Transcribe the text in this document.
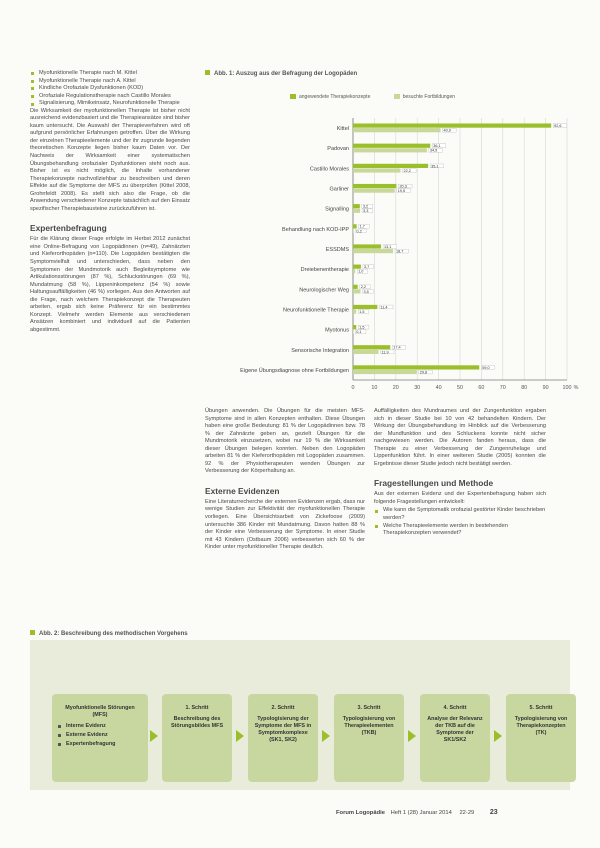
Myofunktionelle Therapie nach M. Kittel
Myofunktionelle Therapie nach A. Kittel
Kindliche Orofaziale Dysfunktionen (KOD)
Orofaziale Regulationstherapie nach Castillo Morales
Signalisierung, Mimikeinsatz, Neurofunktionelle Therapie

Die Wirksamkeit der myofunktionellen Therapie ist bisher nicht ausreichend evidenzbasiert und die Therapieansätze sind bisher kaum untersucht. Die Auswahl der Therapieverfahren wird oft aufgrund persönlicher Erfahrungen getroffen. Über die Wirkung der einzelnen Therapieelemente und der ihr zugrunde liegenden theoretischen Konzepte liegen bisher kaum Daten vor. Der Nachweis der Wirksamkeit einer systematischen Übungsbehandlung orofazialer Dysfunktionen steht noch aus. Bisher ist es nicht möglich, die Inhalte vorhandener Therapiekonzepte nachvollziehbar zu beschreiben und deren Effekte auf die Symptome der MFS zu überprüfen (Kittel 2008, Grohnfeldt 2008). Es stellt sich also die Frage, ob die Anwendung verschiedener Konzepte tatsächlich auf den Einsatz spezifischer Therapiebausteine zurückzuführen ist.

Expertenbefragung

Für die Klärung dieser Frage erfolgte im Herbst 2012 zunächst eine Online-Befragung von Logopädinnen (n=49), Zahnärzten und Kieferorthopäden (n=110). Die Logopäden bestätigten die Symptomvielfalt und unterschieden, dass neben den Symptomen der Mundmotorik auch Begleitsymptome wie Artikulationsstörungen (87 %), Schluckstörungen (69 %), Mundatmung (58 %), Lippeninkompetenz (54 %) sowie Haltungsauffälligkeiten (46 %) vorliegen. Aus den Antworten auf die Frage, nach welchem Therapiekonzept die Therapeuten arbeiten, ergab sich keine Präferenz für ein bestimmtes Konzept. Vielmehr werden Elemente aus verschiedenen Ansätzen kombiniert und individuell auf die Patienten abgestimmt.

Abb. 1: Auszug aus der Befragung der Logopäden
angewendete Therapiekonzepte	besuchte Fortbildungen
0	10	20	30	40	50	60	70	80	90	100 %
Kittel
92,6
40,9
Padovan
36,1
34,5
Castillo Morales
35,1
22,2
Garliner
20,3
19,5
Signalling
3,2
3,3
Behandlung nach KOD-IPP
1,7
0,2
ESSDMS
13,1
18,7
Dreiebenentherapie
3,7
1,0
Neurologischer Weg
2,2
3,5
Neurofunktionelle Therapie
11,4
1,5
Myotonus
1,5
0,1
Sensorische Integration
17,4
11,9
Eigene Übungsdiagnose ohne Fortbildungen
59,0
29,8

Übungen anwenden. Die Übungen für die meisten MFS-Symptome sind in allen Konzepten enthalten. Diese Übungen haben eine große Bedeutung: 81 % der Logopädinnen bzw. 78 % der Zahnärzte geben an, gezielt Übungen für die Mundmotorik einzusetzen, wobei nur 19 % die Wirksamkeit dieser Übungen belegen konnten. Neben den Logopäden arbeiten 81 % der Kieferorthopäden mit Logopäden zusammen. 92 % der Physiotherapeuten wenden Übungen zur Verbesserung der Körperhaltung an.

Externe Evidenzen

Eine Literaturrecherche der externen Evidenzen ergab, dass nur wenige Studien zur Effektivität der myofunktionellen Therapie vorliegen. Eine Übersichtsarbeit von Zickefoose (2009) untersuchte 386 Kinder mit Mundatmung. Davon hatten 88 % der Kinder eine Verbesserung der Symptome. In einer Studie mit 43 Kindern (Ostbaum 2006) verbesserten sich 60 % der Kinder unter myofunktioneller Therapie deutlich.

Auffälligkeiten des Mundraumes und der Zungenfunktion ergaben sich in dieser Studie bei 10 von 42 behandelten Kindern. Der Wirkung der Übungsbehandlung im Hinblick auf die Verbesserung der Mundfunktion und des Schluckens konnte nicht sicher nachgewiesen werden. Die Autoren fanden heraus, dass die Therapie zu einer Verbesserung der Zungenruhelage und Lippenfunktion führt. In einer weiteren Studie (2005) konnten die Ergebnisse dieser Studie jedoch nicht bestätigt werden.

Fragestellungen und Methode

Aus der externen Evidenz und der Expertenbefragung haben sich folgende Fragestellungen entwickelt:

Wie kann die Symptomatik orofazial gestörter Kinder beschrieben werden?
Welche Therapieelemente werden in bestehenden Therapiekonzepten verwendet?
Abb. 2: Beschreibung des methodischen Vorgehens
Myofunktionelle Störungen (MFS)
Interne Evidenz
Externe Evidenz
Expertenbefragung
1. Schritt
Beschreibung des Störungsbildes MFS
2. Schritt
Typologisierung der Symptome der MFS in Symptomkomplexe (SK1, SK2)
3. Schritt
Typologisierung von Therapieelementen (TKB)
4. Schritt
Analyse der Relevanz der TKB auf die Symptome der SK1/SK2
5. Schritt
Typologisierung von Therapiekonzepten (TK)
Forum Logopädie Heft 1 (28) Januar 2014 22-29 23
